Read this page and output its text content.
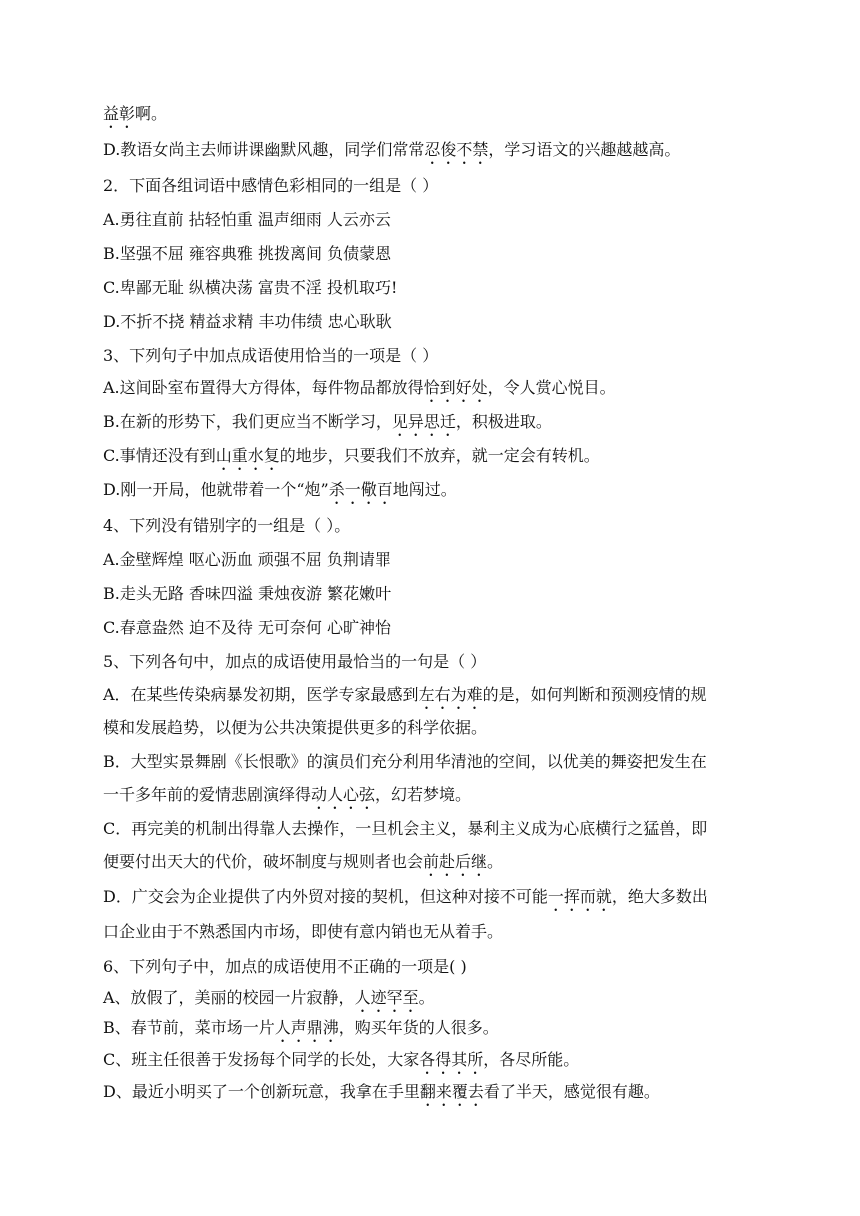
益彰啊。
D.教语女尚主去师讲课幽默风趣，同学们常常忍俊不禁，学习语文的兴趣越越高。
2．下面各组词语中感情色彩相同的一组是（ ）
A.勇往直前 拈轻怕重 温声细雨 人云亦云
B.坚强不屈 雍容典雅 挑拨离间 负债蒙恩
C.卑鄙无耻 纵横决荡 富贵不淫 投机取巧!
D.不折不挠 精益求精 丰功伟绩 忠心耿耿
3、下列句子中加点成语使用恰当的一项是（ ）
A.这间卧室布置得大方得体，每件物品都放得恰到好处，令人赏心悦目。
B.在新的形势下，我们更应当不断学习，见异思迁，积极进取。
C.事情还没有到山重水复的地步，只要我们不放弃，就一定会有转机。
D.刚一开局，他就带着一个“炮”杀一儆百地闯过。
4、下列没有错别字的一组是（ ）。
A.金壁辉煌 呕心沥血 顽强不屈 负荆请罪
B.走头无路 香味四溢 秉烛夜游 繁花嫩叶
C.春意盎然 迫不及待 无可奈何 心旷神怡
5、下列各句中，加点的成语使用最恰当的一句是（ ）
A．在某些传染病暴发初期，医学专家最感到左右为难的是，如何判断和预测疫情的规
模和发展趋势，以便为公共决策提供更多的科学依据。
B．大型实景舞剧《长恨歌》的演员们充分利用华清池的空间，以优美的舞姿把发生在
一千多年前的爱情悲剧演绎得动人心弦，幻若梦境。
C．再完美的机制出得靠人去操作，一旦机会主义，暴利主义成为心底横行之猛兽，即
便要付出天大的代价，破坏制度与规则者也会前赴后继。
D．广交会为企业提供了内外贸对接的契机，但这种对接不可能一挥而就，绝大多数出
口企业由于不熟悉国内市场，即使有意内销也无从着手。
6、下列句子中，加点的成语使用不正确的一项是( )
A、放假了，美丽的校园一片寂静，人迹罕至。
B、春节前，菜市场一片人声鼎沸，购买年货的人很多。
C、班主任很善于发扬每个同学的长处，大家各得其所，各尽所能。
D、最近小明买了一个创新玩意，我拿在手里翻来覆去看了半天，感觉很有趣。
